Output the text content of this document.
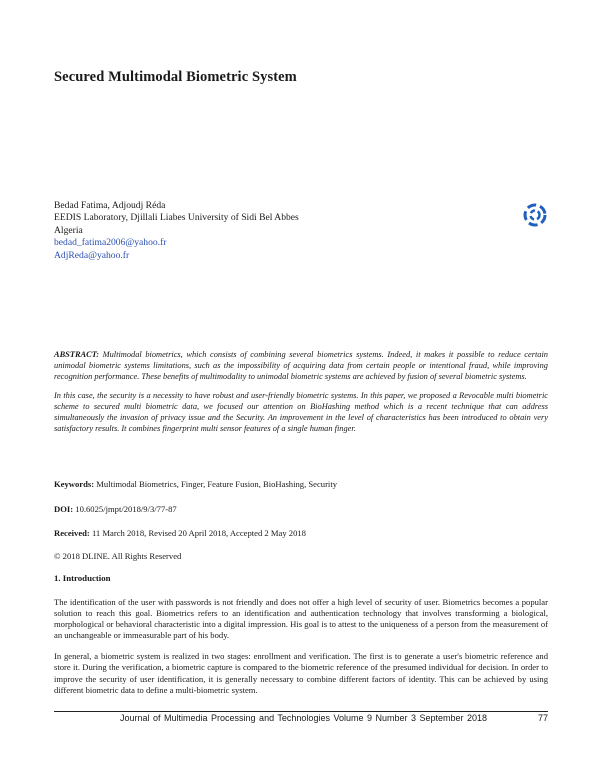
Secured Multimodal Biometric System
Bedad Fatima, Adjoudj Réda
EEDIS Laboratory, Djillali Liabes University of Sidi Bel Abbes
Algeria
bedad_fatima2006@yahoo.fr
AdjReda@yahoo.fr

ABSTRACT: Multimodal biometrics, which consists of combining several biometrics systems. Indeed, it makes it possible to reduce certain unimodal biometric systems limitations, such as the impossibility of acquiring data from certain people or intentional fraud, while improving recognition performance. These benefits of multimodality to unimodal biometric systems are achieved by fusion of several biometric systems.

In this case, the security is a necessity to have robust and user-friendly biometric systems. In this paper, we proposed a Revocable multi biometric scheme to secured multi biometric data, we focused our attention on BioHashing method which is a recent technique that can address simultaneously the invasion of privacy issue and the Security. An improvement in the level of characteristics has been introduced to obtain very satisfactory results. It combines fingerprint multi sensor features of a single human finger.

Keywords: Multimodal Biometrics, Finger, Feature Fusion, BioHashing, Security
DOI: 10.6025/jmpt/2018/9/3/77-87
Received: 11 March 2018, Revised 20 April 2018, Accepted 2 May 2018
© 2018 DLINE. All Rights Reserved
1. Introduction

The identification of the user with passwords is not friendly and does not offer a high level of security of user. Biometrics becomes a popular solution to reach this goal. Biometrics refers to an identification and authentication technology that involves transforming a biological, morphological or behavioral characteristic into a digital impression. His goal is to attest to the uniqueness of a person from the measurement of an unchangeable or immeasurable part of his body.

In general, a biometric system is realized in two stages: enrollment and verification. The first is to generate a user's biometric reference and store it. During the verification, a biometric capture is compared to the biometric reference of the presumed individual for decision. In order to improve the security of user identification, it is generally necessary to combine different factors of identity. This can be achieved by using different biometric data to define a multi-biometric system.

Journal of Multimedia Processing and Technologies Volume 9 Number 3 September 2018	77
